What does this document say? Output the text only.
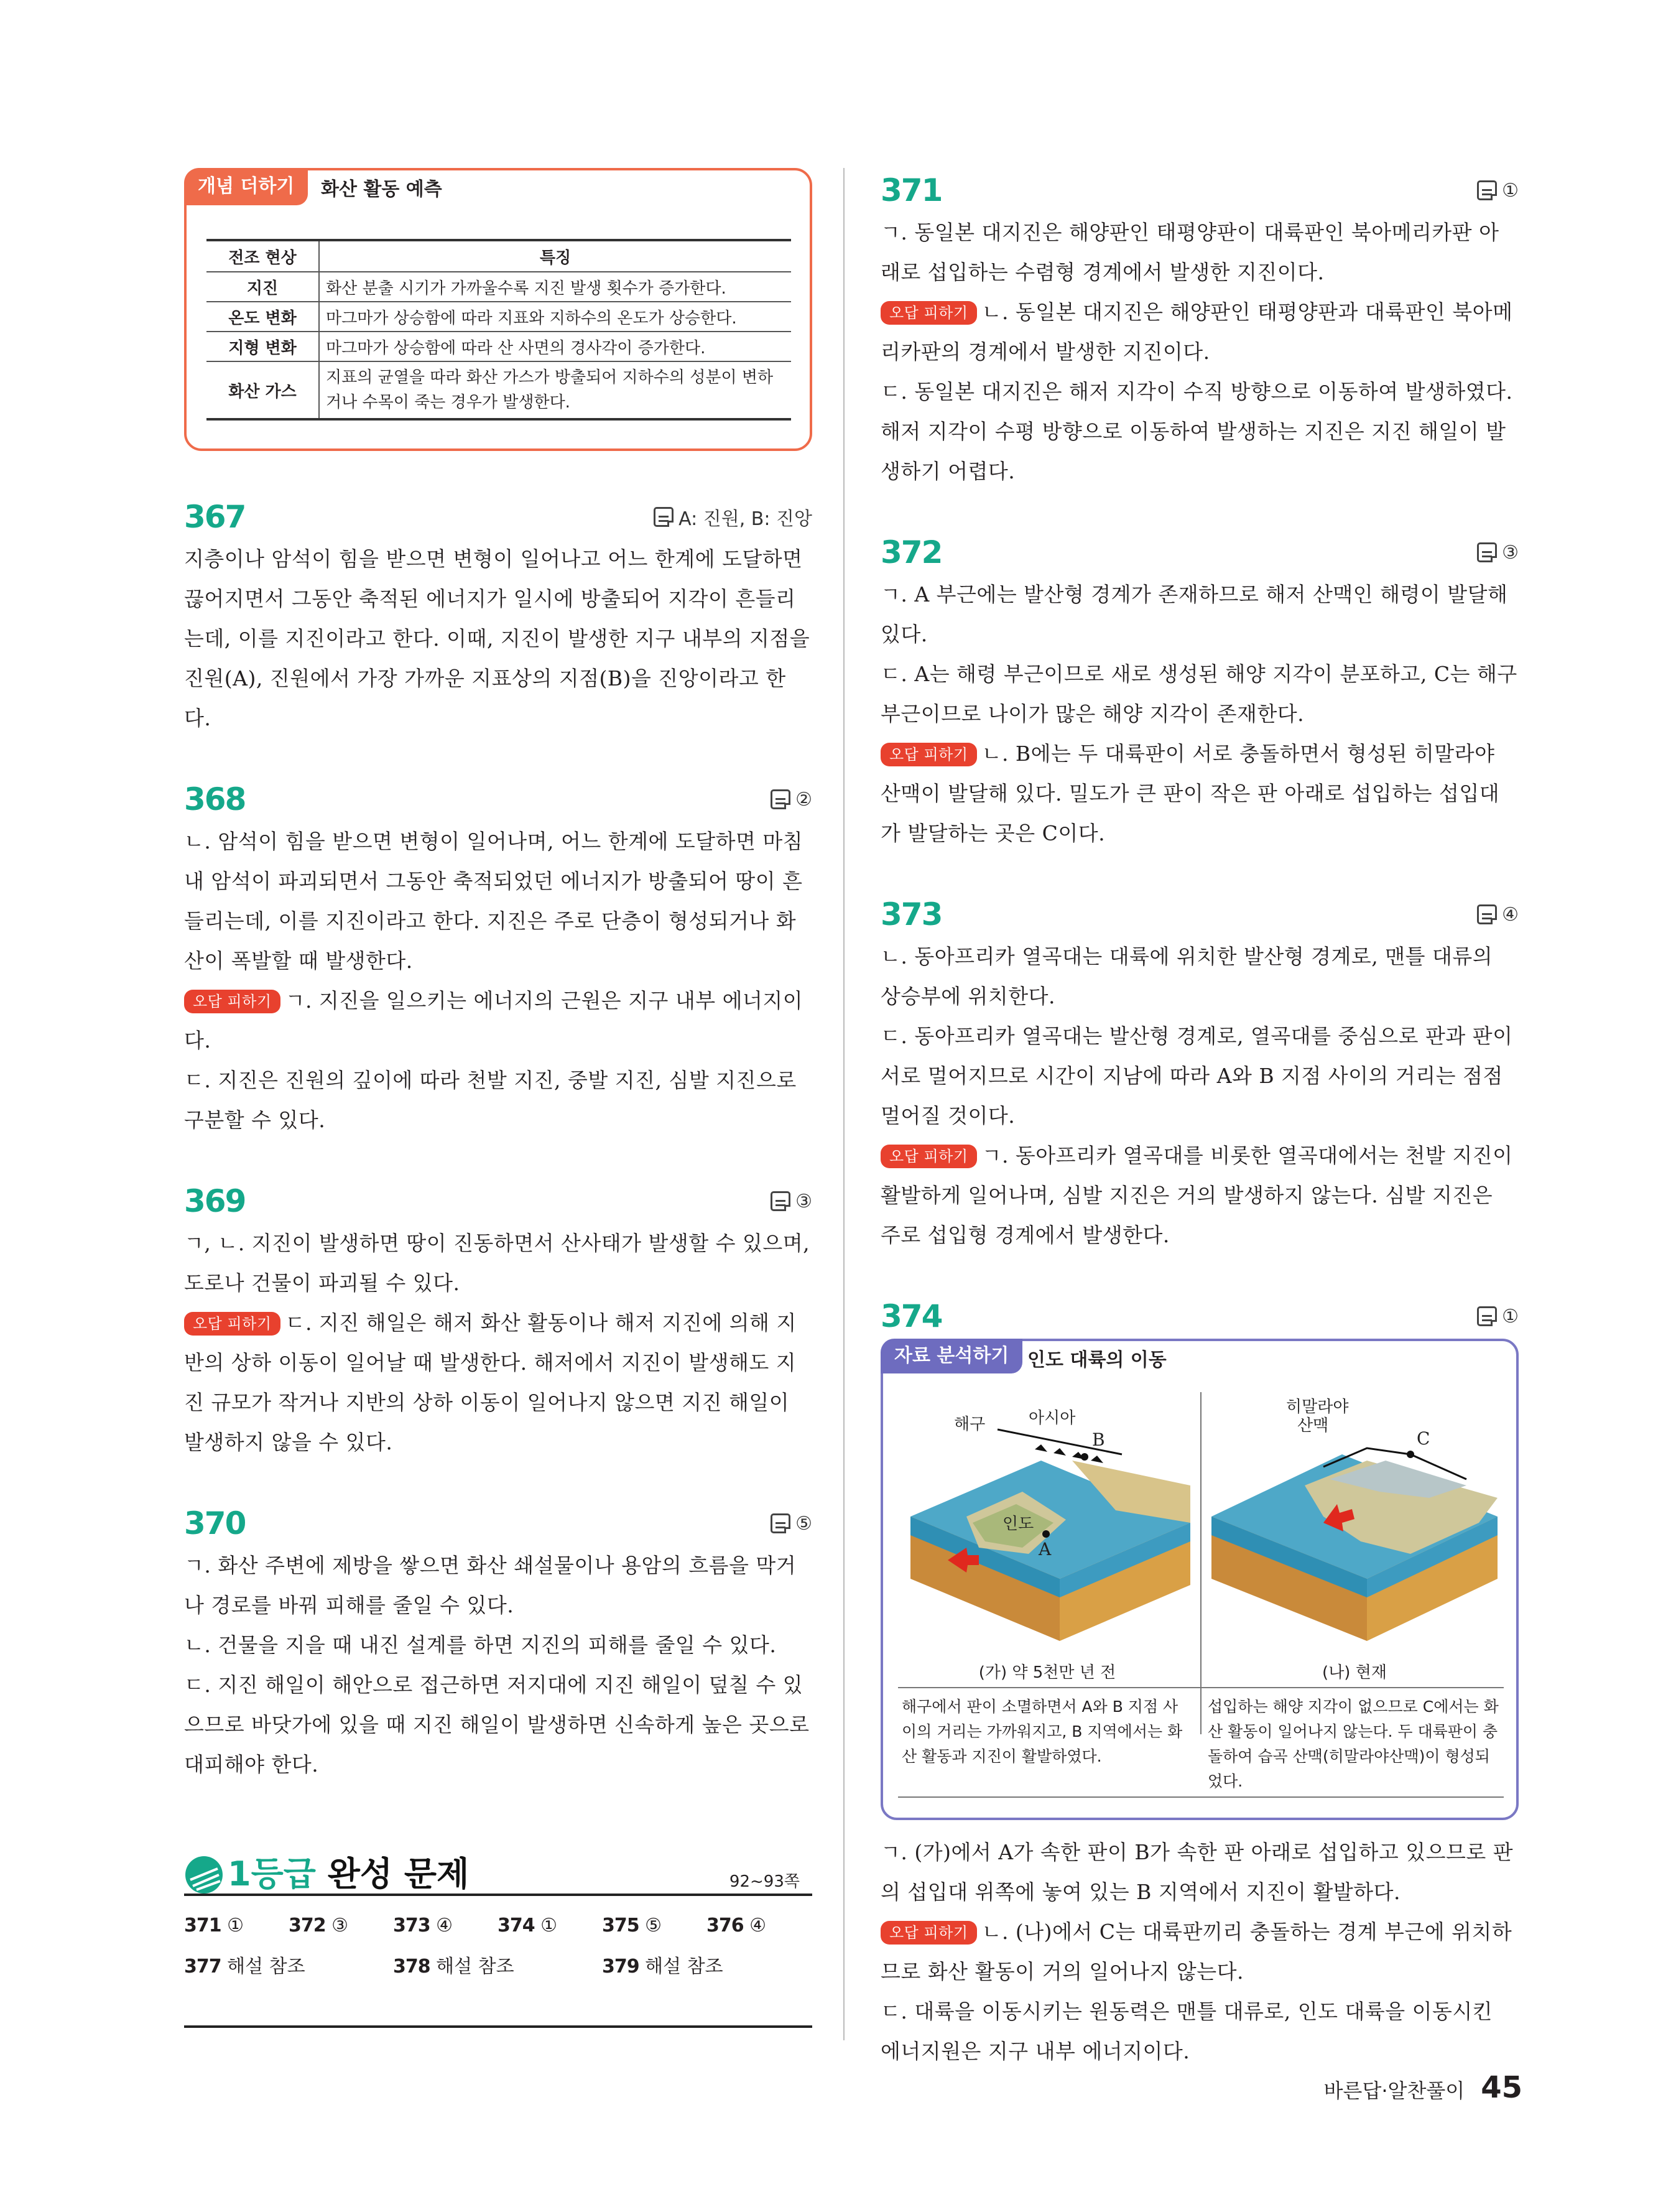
개념 더하기	화산 활동 예측
전조 현상	특징
지진	화산 분출 시기가 가까울수록 지진 발생 횟수가 증가한다.
온도 변화	마그마가 상승함에 따라 지표와 지하수의 온도가 상승한다.
지형 변화	마그마가 상승함에 따라 산 사면의 경사각이 증가한다.
화산 가스	지표의 균열을 따라 화산 가스가 방출되어 지하수의 성분이 변하거나 수목이 죽는 경우가 발생한다.
367	A: 진원, B: 진앙

지층이나 암석이 힘을 받으면 변형이 일어나고 어느 한계에 도달하면 끊어지면서 그동안 축적된 에너지가 일시에 방출되어 지각이 흔들리는데, 이를 지진이라고 한다. 이때, 지진이 발생한 지구 내부의 지점을 진원(A), 진원에서 가장 가까운 지표상의 지점(B)을 진앙이라고 한다.

368	②

ㄴ. 암석이 힘을 받으면 변형이 일어나며, 어느 한계에 도달하면 마침내 암석이 파괴되면서 그동안 축적되었던 에너지가 방출되어 땅이 흔들리는데, 이를 지진이라고 한다. 지진은 주로 단층이 형성되거나 화산이 폭발할 때 발생한다.

오답 피하기 ㄱ. 지진을 일으키는 에너지의 근원은 지구 내부 에너지이다.

ㄷ. 지진은 진원의 깊이에 따라 천발 지진, 중발 지진, 심발 지진으로 구분할 수 있다.

369	③

ㄱ, ㄴ. 지진이 발생하면 땅이 진동하면서 산사태가 발생할 수 있으며, 도로나 건물이 파괴될 수 있다.

오답 피하기 ㄷ. 지진 해일은 해저 화산 활동이나 해저 지진에 의해 지반의 상하 이동이 일어날 때 발생한다. 해저에서 지진이 발생해도 지진 규모가 작거나 지반의 상하 이동이 일어나지 않으면 지진 해일이 발생하지 않을 수 있다.

370	⑤

ㄱ. 화산 주변에 제방을 쌓으면 화산 쇄설물이나 용암의 흐름을 막거나 경로를 바꿔 피해를 줄일 수 있다.

ㄴ. 건물을 지을 때 내진 설계를 하면 지진의 피해를 줄일 수 있다.

ㄷ. 지진 해일이 해안으로 접근하면 저지대에 지진 해일이 덮칠 수 있으므로 바닷가에 있을 때 지진 해일이 발생하면 신속하게 높은 곳으로 대피해야 한다.

1등급 완성 문제	92~93쪽
371 ① 372 ③ 373 ④ 374 ① 375 ⑤ 376 ④
377 해설 참조	378 해설 참조	379 해설 참조
371	①

ㄱ. 동일본 대지진은 해양판인 태평양판이 대륙판인 북아메리카판 아래로 섭입하는 수렴형 경계에서 발생한 지진이다.

오답 피하기 ㄴ. 동일본 대지진은 해양판인 태평양판과 대륙판인 북아메리카판의 경계에서 발생한 지진이다.

ㄷ. 동일본 대지진은 해저 지각이 수직 방향으로 이동하여 발생하였다. 해저 지각이 수평 방향으로 이동하여 발생하는 지진은 지진 해일이 발생하기 어렵다.

372	③

ㄱ. A 부근에는 발산형 경계가 존재하므로 해저 산맥인 해령이 발달해 있다.

ㄷ. A는 해령 부근이므로 새로 생성된 해양 지각이 분포하고, C는 해구 부근이므로 나이가 많은 해양 지각이 존재한다.

오답 피하기 ㄴ. B에는 두 대륙판이 서로 충돌하면서 형성된 히말라야 산맥이 발달해 있다. 밀도가 큰 판이 작은 판 아래로 섭입하는 섭입대가 발달하는 곳은 C이다.

373	④

ㄴ. 동아프리카 열곡대는 대륙에 위치한 발산형 경계로, 맨틀 대류의 상승부에 위치한다.

ㄷ. 동아프리카 열곡대는 발산형 경계로, 열곡대를 중심으로 판과 판이 서로 멀어지므로 시간이 지남에 따라 A와 B 지점 사이의 거리는 점점 멀어질 것이다.

오답 피하기 ㄱ. 동아프리카 열곡대를 비롯한 열곡대에서는 천발 지진이 활발하게 일어나며, 심발 지진은 거의 발생하지 않는다. 심발 지진은 주로 섭입형 경계에서 발생한다.

374	①
자료 분석하기 인도 대륙의 이동
해구	아시아
B
인도
A
히말라야
산맥
C
(가) 약 5천만 년 전	(나) 현재
해구에서 판이 소멸하면서 A와 B 지점 사이의 거리는 가까워지고, B 지역에서는 화산 활동과 지진이 활발하였다.
섭입하는 해양 지각이 없으므로 C에서는 화산 활동이 일어나지 않는다. 두 대륙판이 충돌하여 습곡 산맥(히말라야산맥)이 형성되었다.

ㄱ. (가)에서 A가 속한 판이 B가 속한 판 아래로 섭입하고 있으므로 판의 섭입대 위쪽에 놓여 있는 B 지역에서 지진이 활발하다.

오답 피하기 ㄴ. (나)에서 C는 대륙판끼리 충돌하는 경계 부근에 위치하므로 화산 활동이 거의 일어나지 않는다.

ㄷ. 대륙을 이동시키는 원동력은 맨틀 대류로, 인도 대륙을 이동시킨 에너지원은 지구 내부 에너지이다.

바른답·알찬풀이 45
